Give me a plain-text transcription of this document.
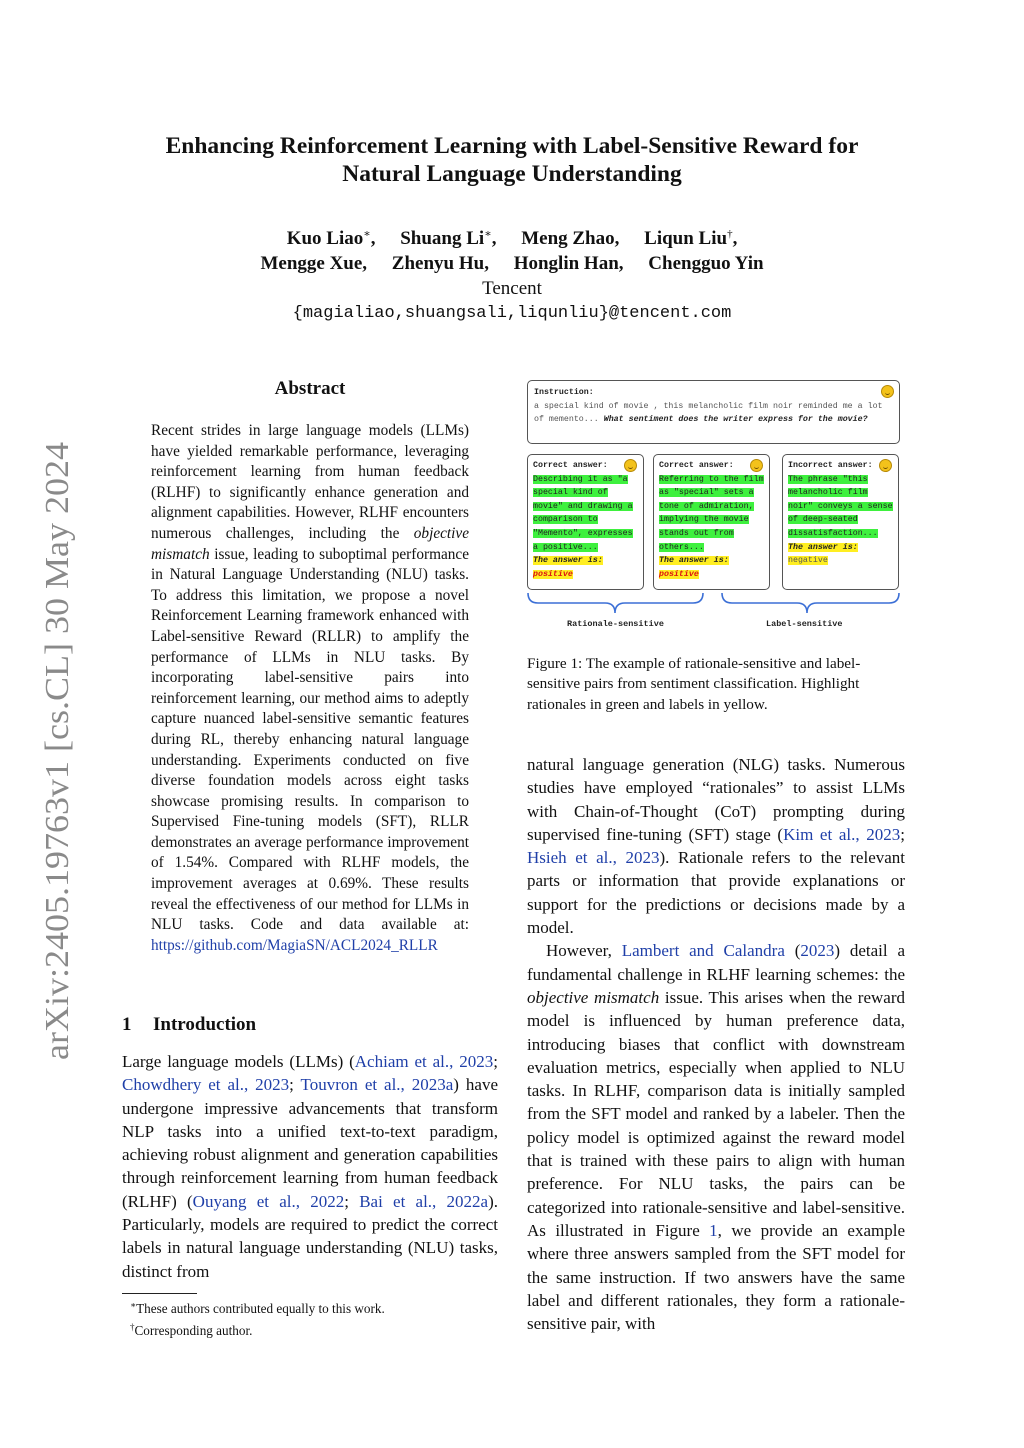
arXiv:2405.19763v1 [cs.CL] 30 May 2024
Enhancing Reinforcement Learning with Label-Sensitive Reward for
Natural Language Understanding
Kuo Liao∗, Shuang Li∗, Meng Zhao, Liqun Liu†,
Mengge Xue, Zhenyu Hu, Honglin Han, Chengguo Yin
Tencent
{magialiao,shuangsali,liqunliu}@tencent.com
Abstract
Recent strides in large language models (LLMs) have yielded remarkable performance, leveraging reinforcement learning from human feedback (RLHF) to significantly enhance generation and alignment capabilities. However, RLHF encounters numerous challenges, including the objective mismatch issue, leading to suboptimal performance in Natural Language Understanding (NLU) tasks. To address this limitation, we propose a novel Reinforcement Learning framework enhanced with Label-sensitive Reward (RLLR) to amplify the performance of LLMs in NLU tasks. By incorporating label-sensitive pairs into reinforcement learning, our method aims to adeptly capture nuanced label-sensitive semantic features during RL, thereby enhancing natural language understanding. Experiments conducted on five diverse foundation models across eight tasks showcase promising results. In comparison to Supervised Fine-tuning models (SFT), RLLR demonstrates an average performance improvement of 1.54%. Compared with RLHF models, the improvement averages at 0.69%. These results reveal the effectiveness of our method for LLMs in NLU tasks. Code and data available at: https://github.com/MagiaSN/ACL2024_RLLR
1 Introduction

Large language models (LLMs) (Achiam et al., 2023; Chowdhery et al., 2023; Touvron et al., 2023a) have undergone impressive advancements that transform NLP tasks into a unified text-to-text paradigm, achieving robust alignment and generation capabilities through reinforcement learning from human feedback (RLHF) (Ouyang et al., 2022; Bai et al., 2022a). Particularly, models are required to predict the correct labels in natural language understanding (NLU) tasks, distinct from

∗These authors contributed equally to this work.
†Corresponding author.
Instruction:
a special kind of movie , this melancholic film noir reminded me a lot of memento... What sentiment does the writer express for the movie?
Correct answer:
Describing it as "a special kind of movie" and drawing a comparison to "Memento", expresses a positive...
The answer is:
positive
Correct answer:
Referring to the film as "special" sets a tone of admiration, implying the movie stands out from others...
The answer is:
positive
Incorrect answer:
The phrase "this melancholic film noir" conveys a sense of deep-seated dissatisfaction...
The answer is:
negative
Rationale-sensitive	Label-sensitive
Figure 1: The example of rationale-sensitive and label-sensitive pairs from sentiment classification. Highlight rationales in green and labels in yellow.

natural language generation (NLG) tasks. Numerous studies have employed “rationales” to assist LLMs with Chain-of-Thought (CoT) prompting during supervised fine-tuning (SFT) stage (Kim et al., 2023; Hsieh et al., 2023). Rationale refers to the relevant parts or information that provide explanations or support for the predictions or decisions made by a model.

However, Lambert and Calandra (2023) detail a fundamental challenge in RLHF learning schemes: the objective mismatch issue. This arises when the reward model is influenced by human preference data, introducing biases that conflict with downstream evaluation metrics, especially when applied to NLU tasks. In RLHF, comparison data is initially sampled from the SFT model and ranked by a labeler. Then the policy model is optimized against the reward model that is trained with these pairs to align with human preference. For NLU tasks, the pairs can be categorized into rationale-sensitive and label-sensitive. As illustrated in Figure 1, we provide an example where three answers sampled from the SFT model for the same instruction. If two answers have the same label and different rationales, they form a rationale-sensitive pair, with
